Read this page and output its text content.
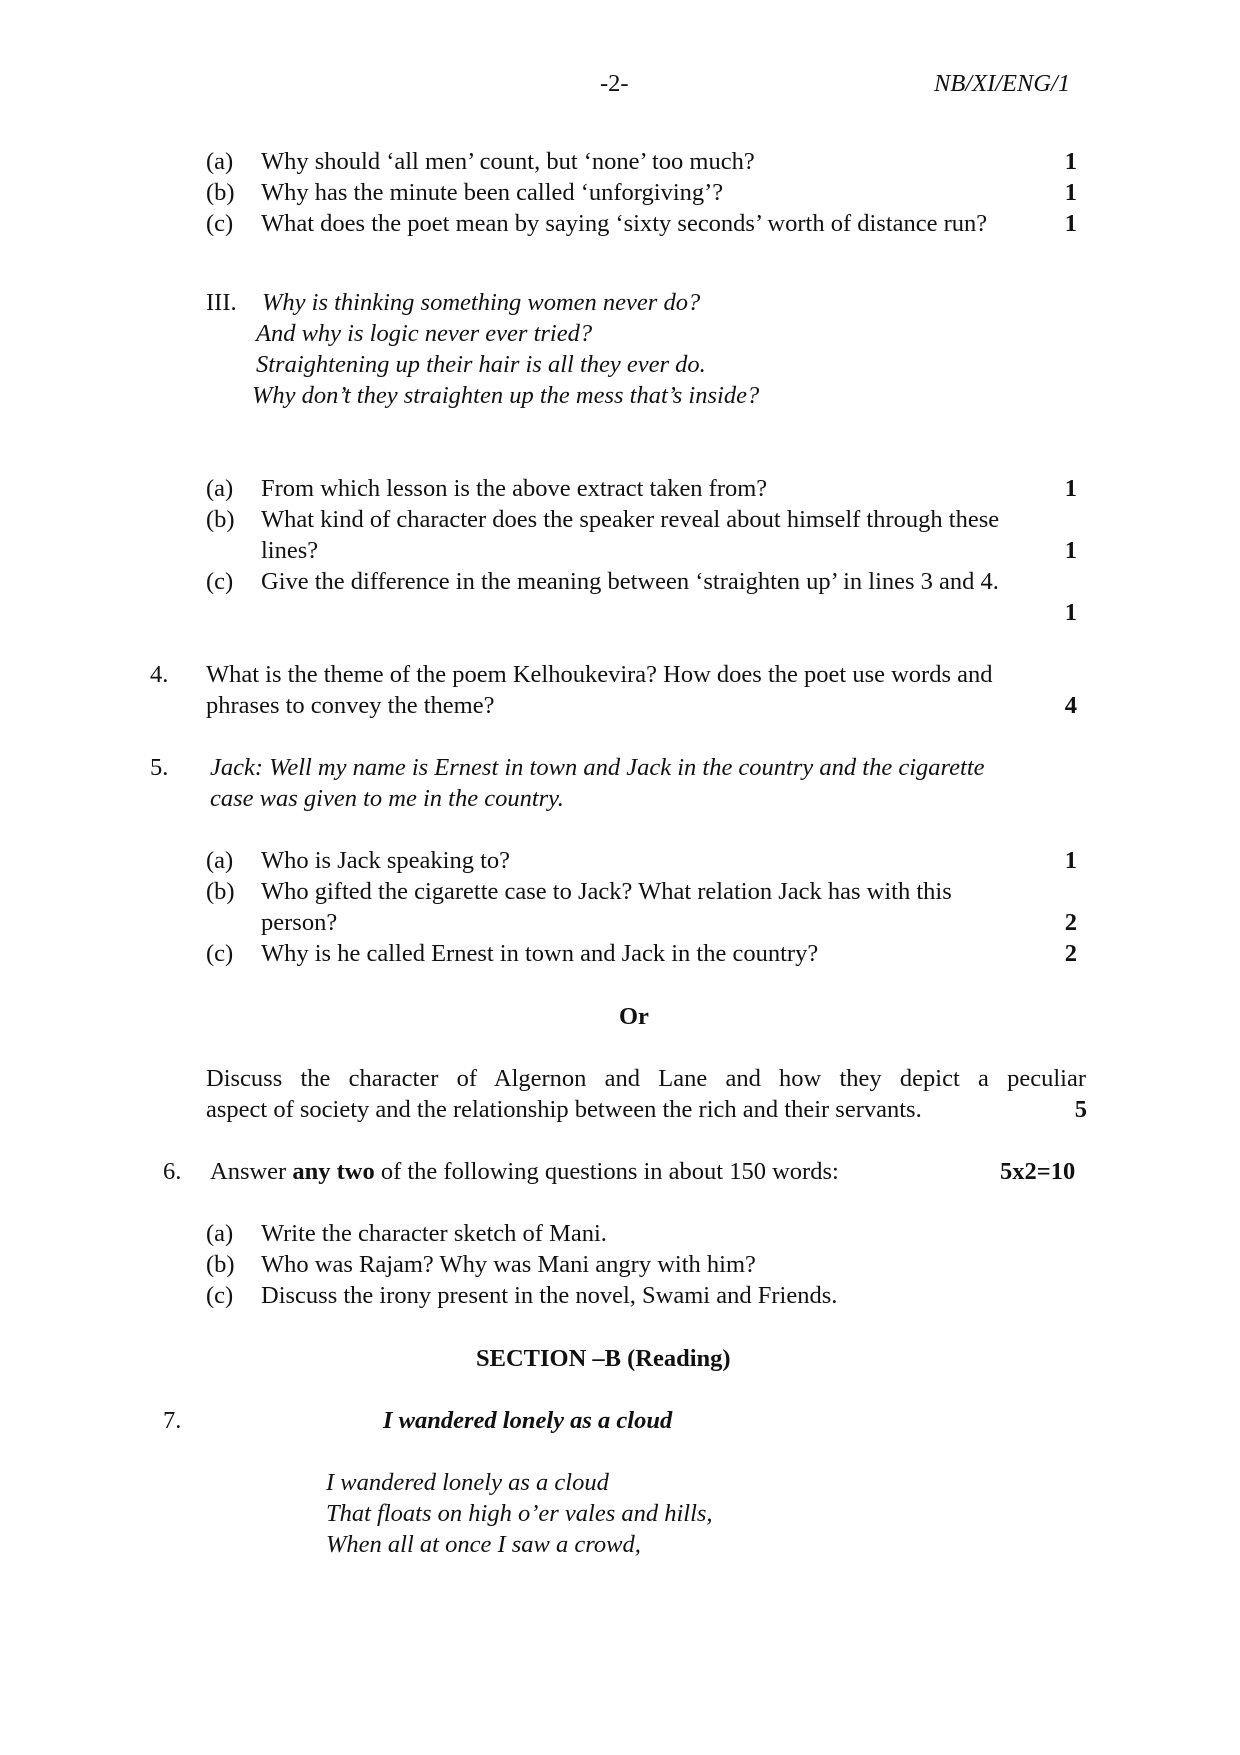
-2-	NB/XI/ENG/1
(a) Why should ‘all men’ count, but ‘none’ too much?	1
(b) Why has the minute been called ‘unforgiving’?	1
(c) What does the poet mean by saying ‘sixty seconds’ worth of distance run?	1
III. Why is thinking something women never do?
And why is logic never ever tried?
Straightening up their hair is all they ever do.
Why don’t they straighten up the mess that’s inside?
(a) From which lesson is the above extract taken from?	1
(b) What kind of character does the speaker reveal about himself through these
lines?	1
(c) Give the difference in the meaning between ‘straighten up’ in lines 3 and 4.
1
4. What is the theme of the poem Kelhoukevira? How does the poet use words and
phrases to convey the theme?	4
5. Jack: Well my name is Ernest in town and Jack in the country and the cigarette
case was given to me in the country.
(a) Who is Jack speaking to?	1
(b) Who gifted the cigarette case to Jack? What relation Jack has with this
person?	2
(c) Why is he called Ernest in town and Jack in the country?	2
Or
Discuss the character of Algernon and Lane and how they depict a peculiar
aspect of society and the relationship between the rich and their servants.	5
6. Answer any two of the following questions in about 150 words:	5x2=10
(a) Write the character sketch of Mani.
(b) Who was Rajam? Why was Mani angry with him?
(c) Discuss the irony present in the novel, Swami and Friends.
SECTION –B (Reading)
7.	I wandered lonely as a cloud
I wandered lonely as a cloud
That floats on high o’er vales and hills,
When all at once I saw a crowd,
